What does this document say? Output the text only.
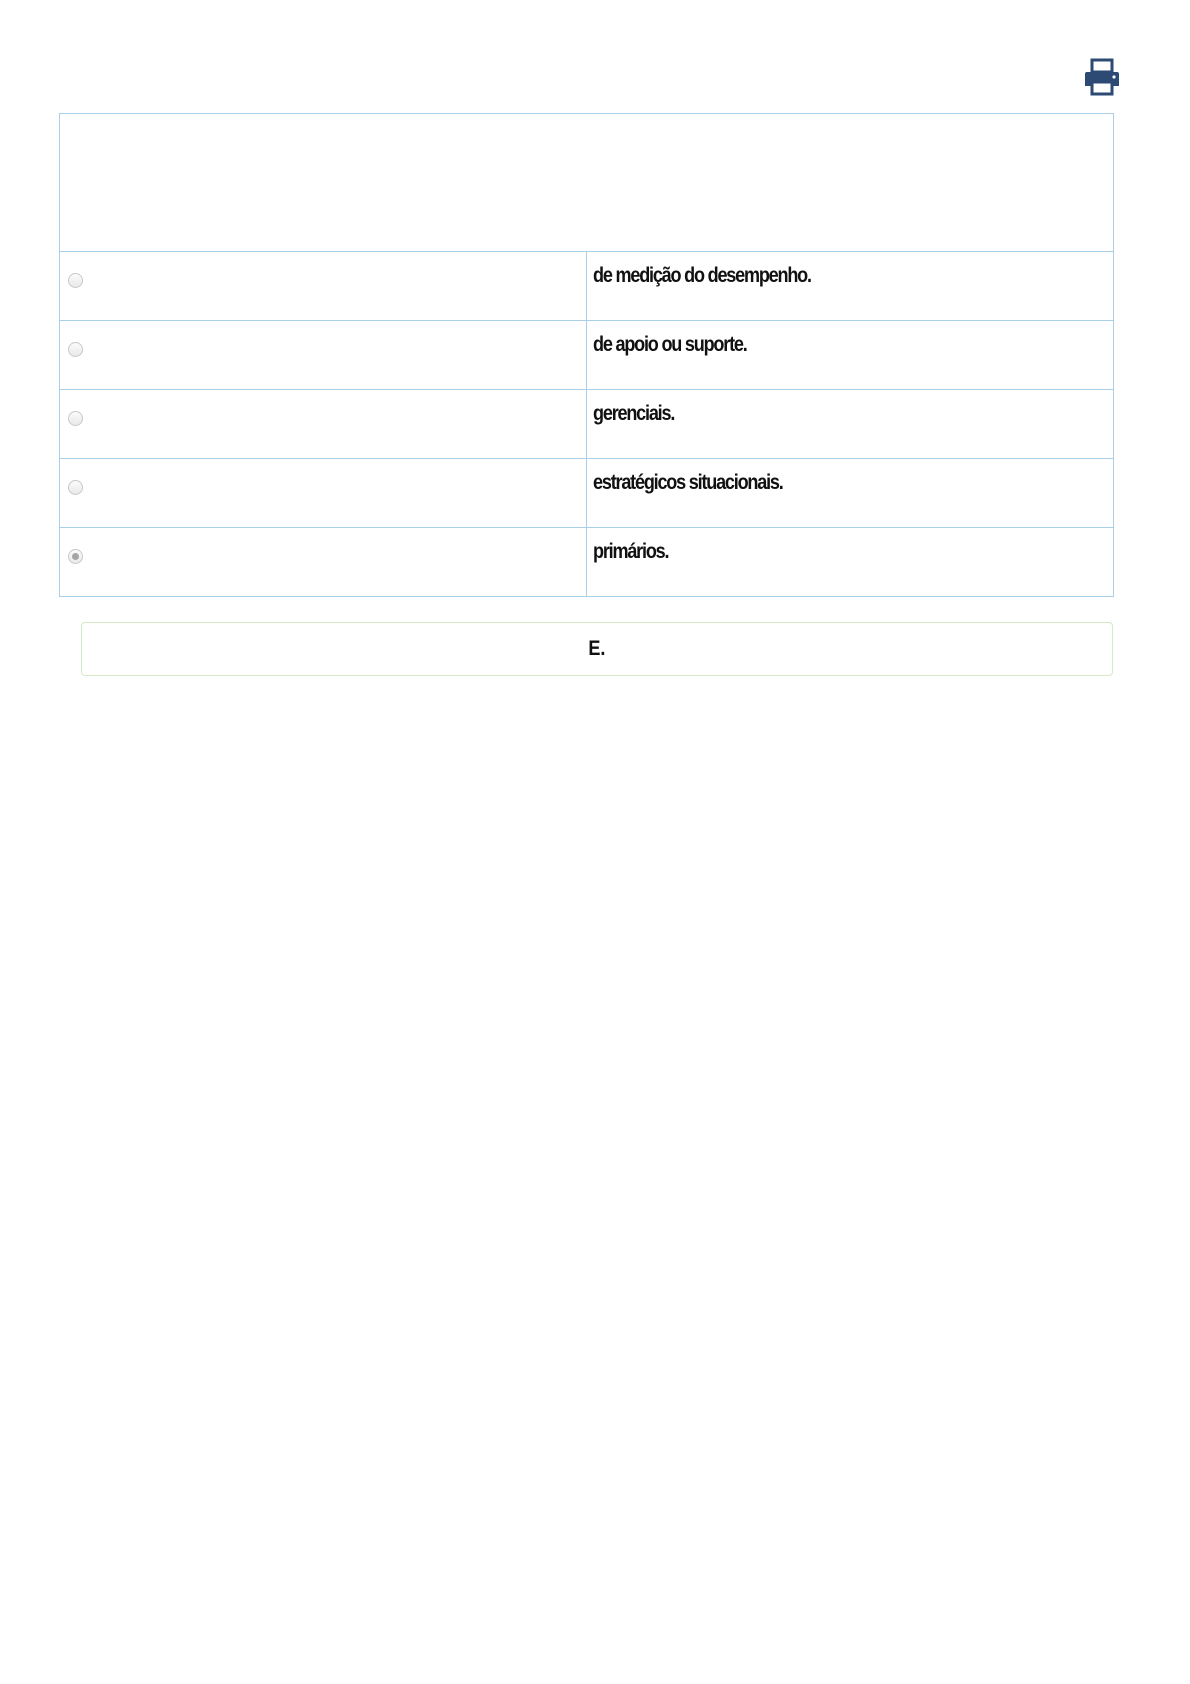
	de medição do desempenho.

	de apoio ou suporte.

	gerenciais.

	estratégicos situacionais.

	primários.
E.
